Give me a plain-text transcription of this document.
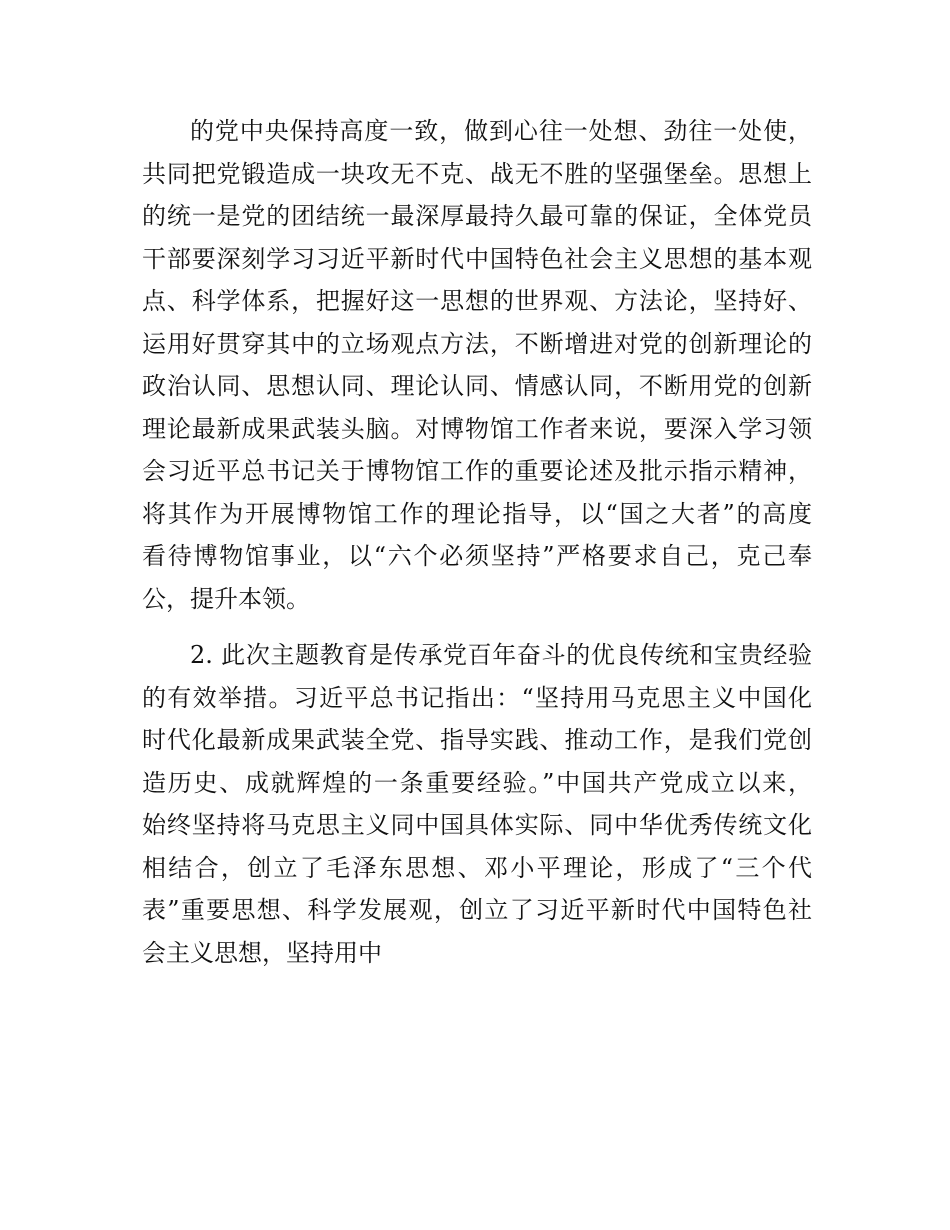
的党中央保持高度一致，做到心往一处想、劲往一处使，
共同把党锻造成一块攻无不克、战无不胜的坚强堡垒。思想上
的统一是党的团结统一最深厚最持久最可靠的保证，全体党员
干部要深刻学习习近平新时代中国特色社会主义思想的基本观
点、科学体系，把握好这一思想的世界观、方法论，坚持好、
运用好贯穿其中的立场观点方法，不断增进对党的创新理论的
政治认同、思想认同、理论认同、情感认同，不断用党的创新
理论最新成果武装头脑。对博物馆工作者来说，要深入学习领
会习近平总书记关于博物馆工作的重要论述及批示指示精神，
将其作为开展博物馆工作的理论指导，以“国之大者”的高度
看待博物馆事业，以“六个必须坚持”严格要求自己，克己奉
公，提升本领。
2. 此次主题教育是传承党百年奋斗的优良传统和宝贵经验
的有效举措。习近平总书记指出：“坚持用马克思主义中国化
时代化最新成果武装全党、指导实践、推动工作，是我们党创
造历史、成就辉煌的一条重要经验。”中国共产党成立以来，
始终坚持将马克思主义同中国具体实际、同中华优秀传统文化
相结合，创立了毛泽东思想、邓小平理论，形成了“三个代
表”重要思想、科学发展观，创立了习近平新时代中国特色社
会主义思想，坚持用中
